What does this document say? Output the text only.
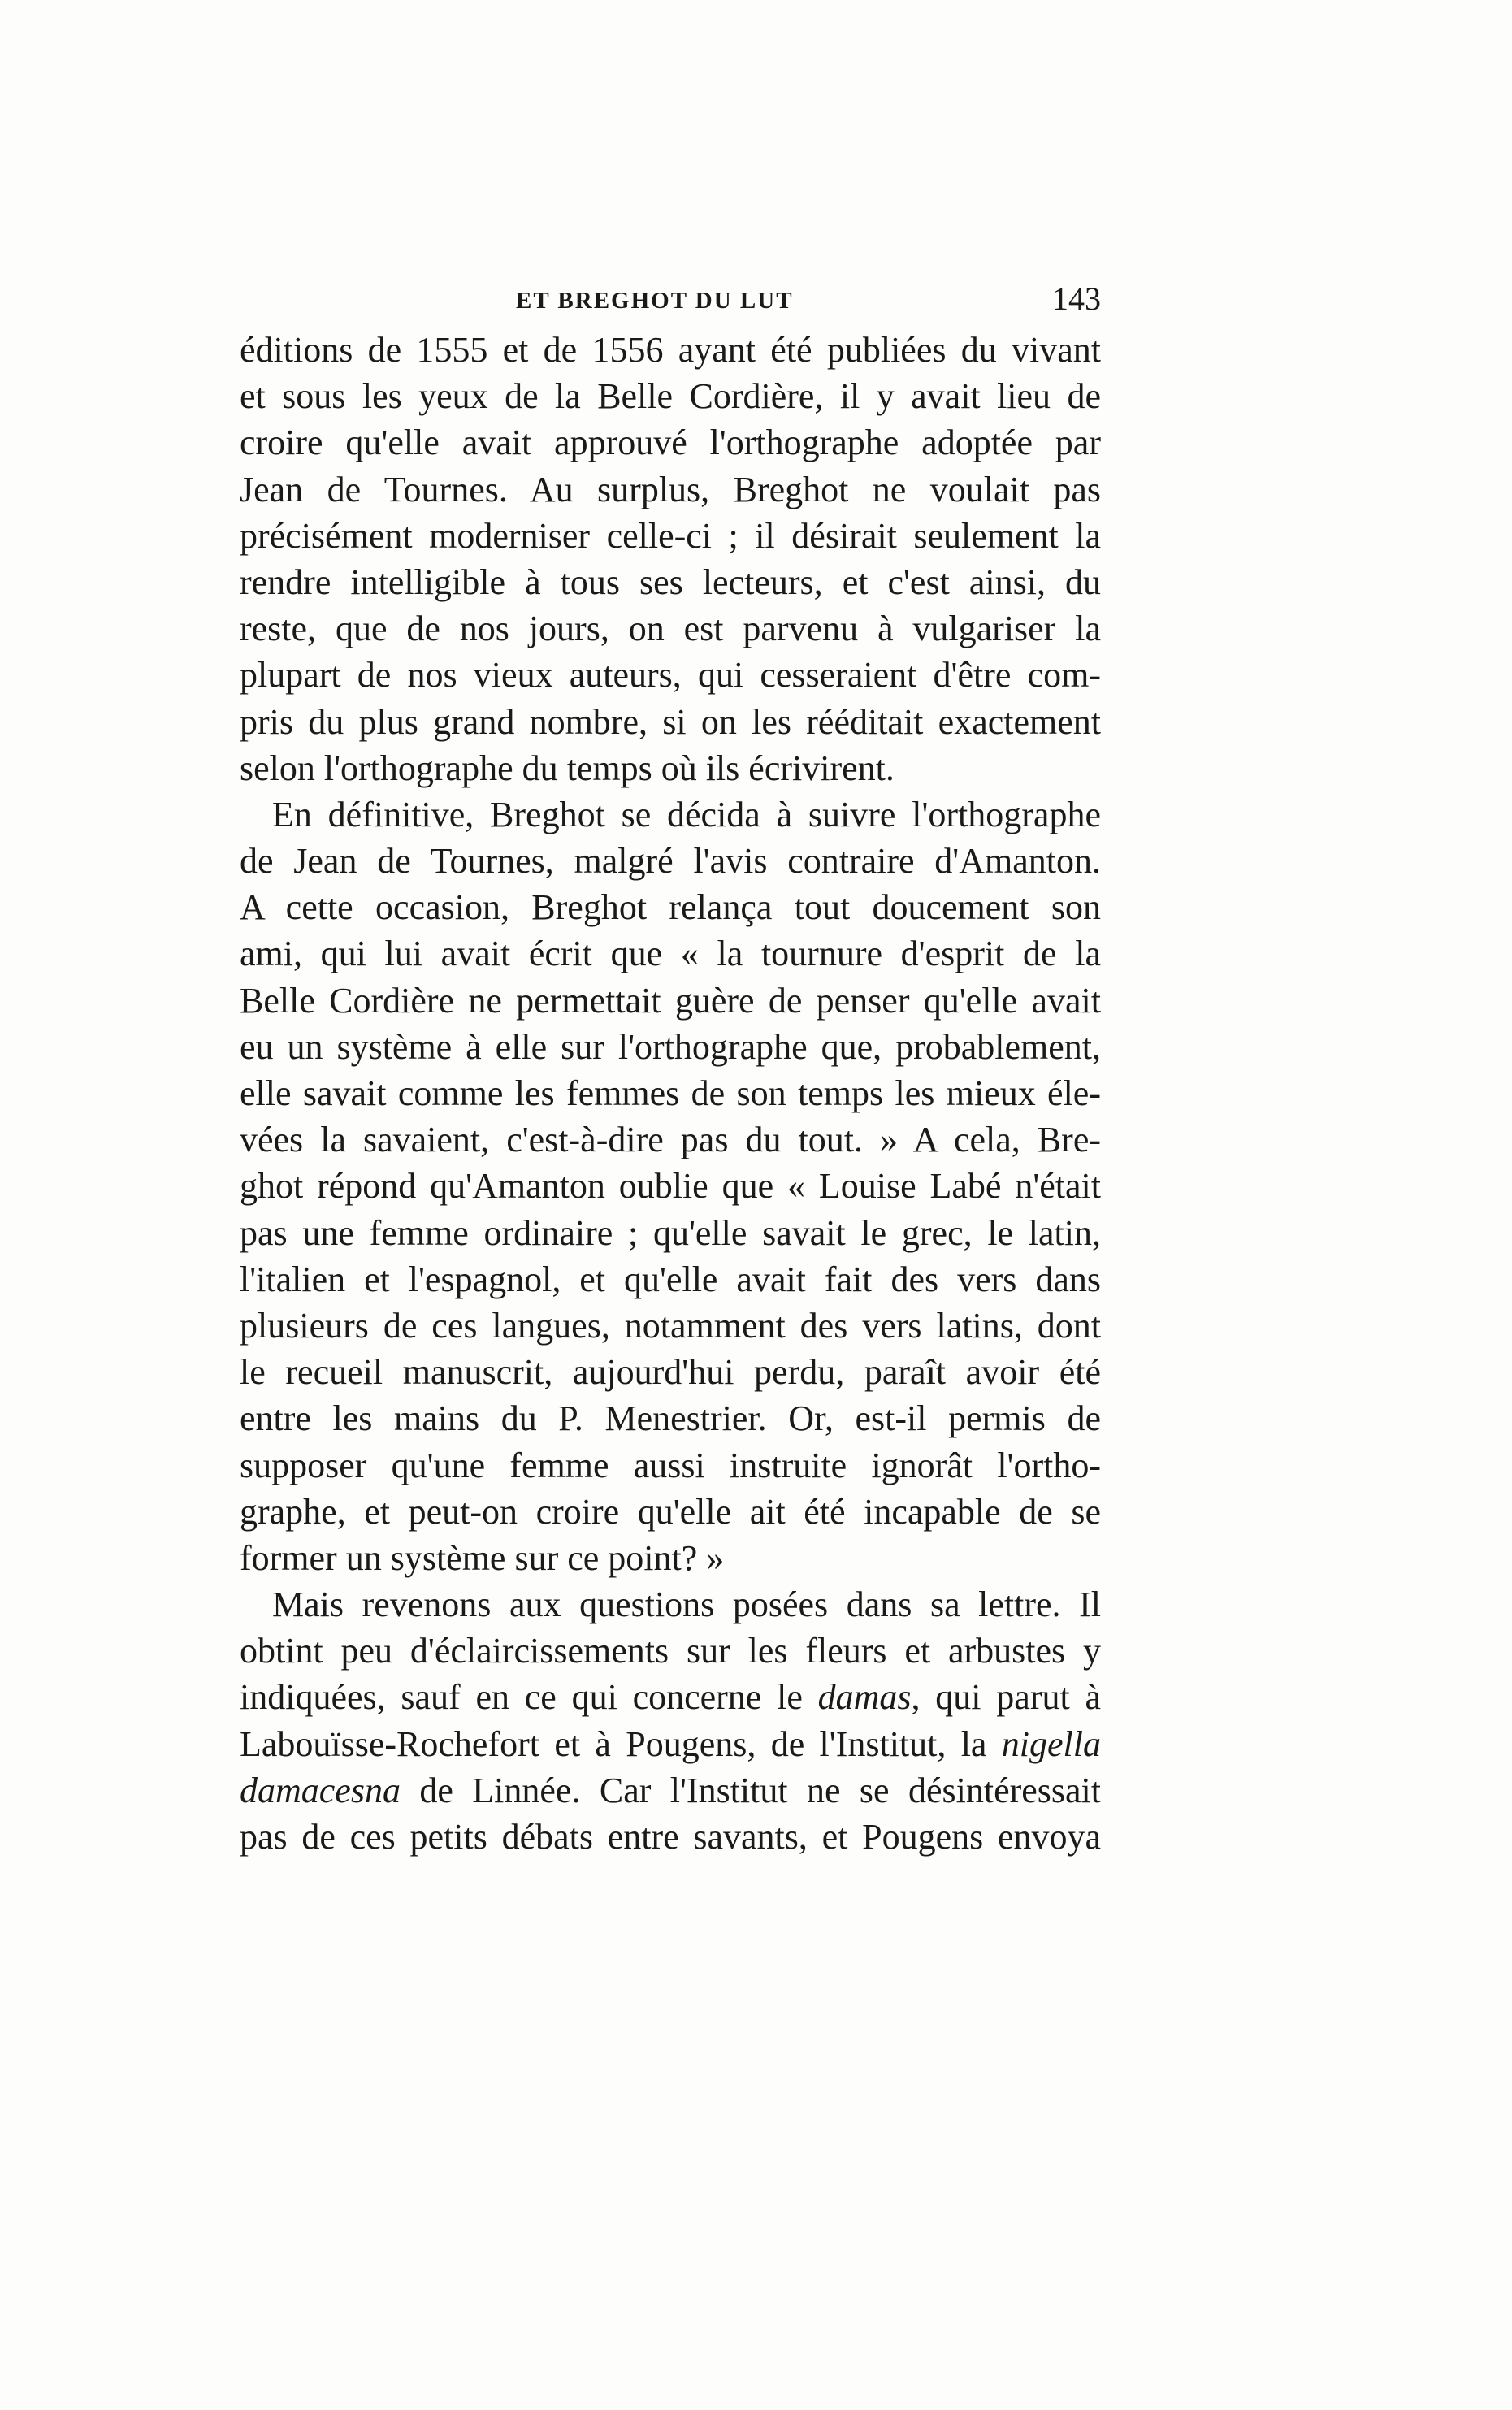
ET BREGHOT DU LUT	143
éditions de 1555 et de 1556 ayant été publiées du vivant
et sous les yeux de la Belle Cordière, il y avait lieu de
croire qu'elle avait approuvé l'orthographe adoptée par
Jean de Tournes. Au surplus, Breghot ne voulait pas
précisément moderniser celle-ci ; il désirait seulement la
rendre intelligible à tous ses lecteurs, et c'est ainsi, du
reste, que de nos jours, on est parvenu à vulgariser la
plupart de nos vieux auteurs, qui cesseraient d'être com-
pris du plus grand nombre, si on les rééditait exactement
selon l'orthographe du temps où ils écrivirent.
En définitive, Breghot se décida à suivre l'orthographe
de Jean de Tournes, malgré l'avis contraire d'Amanton.
A cette occasion, Breghot relança tout doucement son
ami, qui lui avait écrit que « la tournure d'esprit de la
Belle Cordière ne permettait guère de penser qu'elle avait
eu un système à elle sur l'orthographe que, probablement,
elle savait comme les femmes de son temps les mieux éle-
vées la savaient, c'est-à-dire pas du tout. » A cela, Bre-
ghot répond qu'Amanton oublie que « Louise Labé n'était
pas une femme ordinaire ; qu'elle savait le grec, le latin,
l'italien et l'espagnol, et qu'elle avait fait des vers dans
plusieurs de ces langues, notamment des vers latins, dont
le recueil manuscrit, aujourd'hui perdu, paraît avoir été
entre les mains du P. Menestrier. Or, est-il permis de
supposer qu'une femme aussi instruite ignorât l'ortho-
graphe, et peut-on croire qu'elle ait été incapable de se
former un système sur ce point? »
Mais revenons aux questions posées dans sa lettre. Il
obtint peu d'éclaircissements sur les fleurs et arbustes y
indiquées, sauf en ce qui concerne le damas, qui parut à
Labouïsse-Rochefort et à Pougens, de l'Institut, la nigella
damacesna de Linnée. Car l'Institut ne se désintéressait
pas de ces petits débats entre savants, et Pougens envoya
